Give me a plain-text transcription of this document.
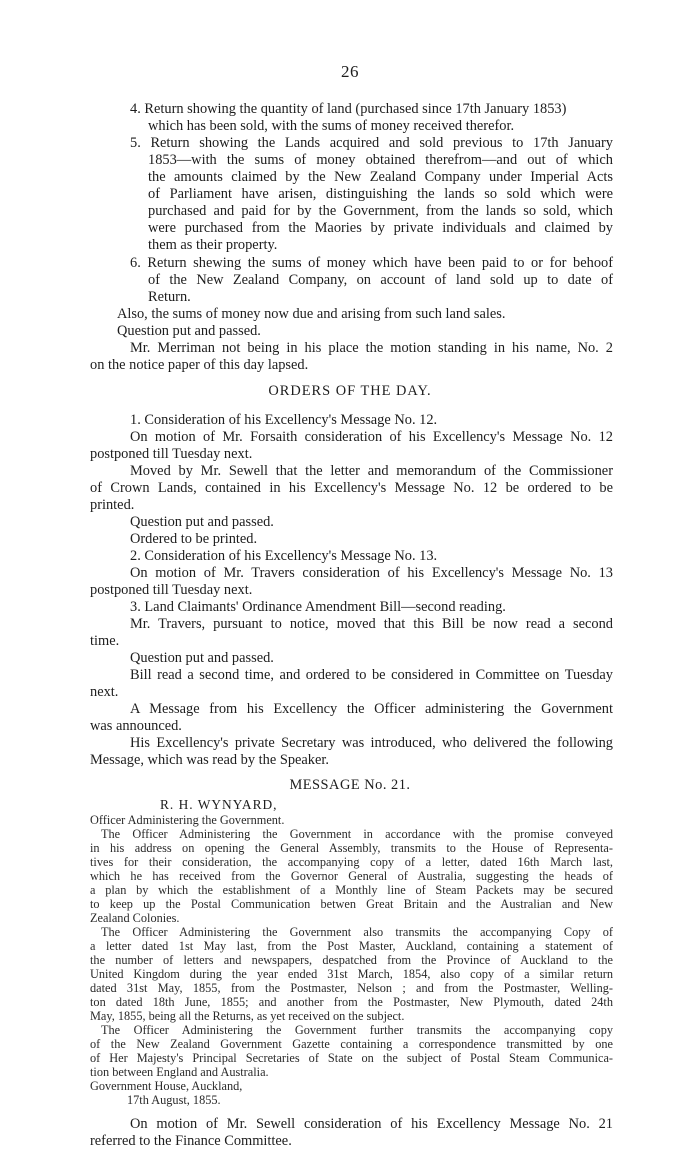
26
4. Return showing the quantity of land (purchased since 17th January 1853)
which has been sold, with the sums of money received therefor.
5. Return showing the Lands acquired and sold previous to 17th January
1853—with the sums of money obtained therefrom—and out of which
the amounts claimed by the New Zealand Company under Imperial Acts
of Parliament have arisen, distinguishing the lands so sold which were
purchased and paid for by the Government, from the lands so sold, which
were purchased from the Maories by private individuals and claimed by
them as their property.
6. Return shewing the sums of money which have been paid to or for behoof
of the New Zealand Company, on account of land sold up to date of
Return.
Also, the sums of money now due and arising from such land sales.
Question put and passed.
Mr. Merriman not being in his place the motion standing in his name, No. 2
on the notice paper of this day lapsed.
ORDERS OF THE DAY.
1. Consideration of his Excellency's Message No. 12.
On motion of Mr. Forsaith consideration of his Excellency's Message No. 12
postponed till Tuesday next.
Moved by Mr. Sewell that the letter and memorandum of the Commissioner
of Crown Lands, contained in his Excellency's Message No. 12 be ordered to be
printed.
Question put and passed.
Ordered to be printed.
2. Consideration of his Excellency's Message No. 13.
On motion of Mr. Travers consideration of his Excellency's Message No. 13
postponed till Tuesday next.
3. Land Claimants' Ordinance Amendment Bill—second reading.
Mr. Travers, pursuant to notice, moved that this Bill be now read a second
time.
Question put and passed.
Bill read a second time, and ordered to be considered in Committee on Tuesday
next.
A Message from his Excellency the Officer administering the Government
was announced.
His Excellency's private Secretary was introduced, who delivered the following
Message, which was read by the Speaker.
MESSAGE No. 21.
R. H. WYNYARD,
Officer Administering the Government.
The Officer Administering the Government in accordance with the promise conveyed
in his address on opening the General Assembly, transmits to the House of Representa-
tives for their consideration, the accompanying copy of a letter, dated 16th March last,
which he has received from the Governor General of Australia, suggesting the heads of
a plan by which the establishment of a Monthly line of Steam Packets may be secured
to keep up the Postal Communication betwen Great Britain and the Australian and New
Zealand Colonies.
The Officer Administering the Government also transmits the accompanying Copy of
a letter dated 1st May last, from the Post Master, Auckland, containing a statement of
the number of letters and newspapers, despatched from the Province of Auckland to the
United Kingdom during the year ended 31st March, 1854, also copy of a similar return
dated 31st May, 1855, from the Postmaster, Nelson ; and from the Postmaster, Welling-
ton dated 18th June, 1855; and another from the Postmaster, New Plymouth, dated 24th
May, 1855, being all the Returns, as yet received on the subject.
The Officer Administering the Government further transmits the accompanying copy
of the New Zealand Government Gazette containing a correspondence transmitted by one
of Her Majesty's Principal Secretaries of State on the subject of Postal Steam Communica-
tion between England and Australia.
Government House, Auckland,
17th August, 1855.
On motion of Mr. Sewell consideration of his Excellency Message No. 21
referred to the Finance Committee.
